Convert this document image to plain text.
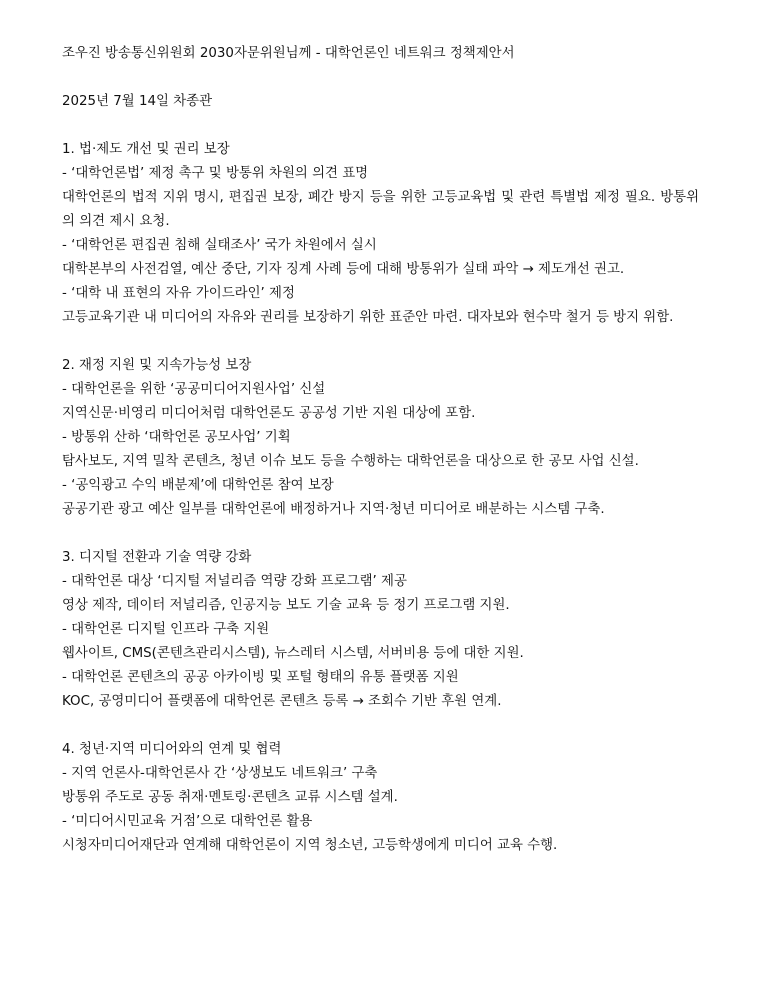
조우진 방송통신위원회 2030자문위원님께 - 대학언론인 네트워크 정책제안서

2025년 7월 14일 차종관

1. 법·제도 개선 및 권리 보장

- ‘대학언론법’ 제정 촉구 및 방통위 차원의 의견 표명

대학언론의 법적 지위 명시, 편집권 보장, 폐간 방지 등을 위한 고등교육법 및 관련 특별법 제정 필요. 방통위의 의견 제시 요청.

- ‘대학언론 편집권 침해 실태조사’ 국가 차원에서 실시

대학본부의 사전검열, 예산 중단, 기자 징계 사례 등에 대해 방통위가 실태 파악 → 제도개선 권고.

- ‘대학 내 표현의 자유 가이드라인’ 제정

고등교육기관 내 미디어의 자유와 권리를 보장하기 위한 표준안 마련. 대자보와 현수막 철거 등 방지 위함.

2. 재정 지원 및 지속가능성 보장

- 대학언론을 위한 ‘공공미디어지원사업’ 신설

지역신문·비영리 미디어처럼 대학언론도 공공성 기반 지원 대상에 포함.

- 방통위 산하 ‘대학언론 공모사업’ 기획

탐사보도, 지역 밀착 콘텐츠, 청년 이슈 보도 등을 수행하는 대학언론을 대상으로 한 공모 사업 신설.

- ‘공익광고 수익 배분제’에 대학언론 참여 보장

공공기관 광고 예산 일부를 대학언론에 배정하거나 지역·청년 미디어로 배분하는 시스템 구축.

3. 디지털 전환과 기술 역량 강화

- 대학언론 대상 ‘디지털 저널리즘 역량 강화 프로그램’ 제공

영상 제작, 데이터 저널리즘, 인공지능 보도 기술 교육 등 정기 프로그램 지원.

- 대학언론 디지털 인프라 구축 지원

웹사이트, CMS(콘텐츠관리시스템), 뉴스레터 시스템, 서버비용 등에 대한 지원.

- 대학언론 콘텐츠의 공공 아카이빙 및 포털 형태의 유통 플랫폼 지원

KOC, 공영미디어 플랫폼에 대학언론 콘텐츠 등록 → 조회수 기반 후원 연계.

4. 청년·지역 미디어와의 연계 및 협력

- 지역 언론사-대학언론사 간 ‘상생보도 네트워크’ 구축

방통위 주도로 공동 취재·멘토링·콘텐츠 교류 시스템 설계.

- ‘미디어시민교육 거점’으로 대학언론 활용

시청자미디어재단과 연계해 대학언론이 지역 청소년, 고등학생에게 미디어 교육 수행.
